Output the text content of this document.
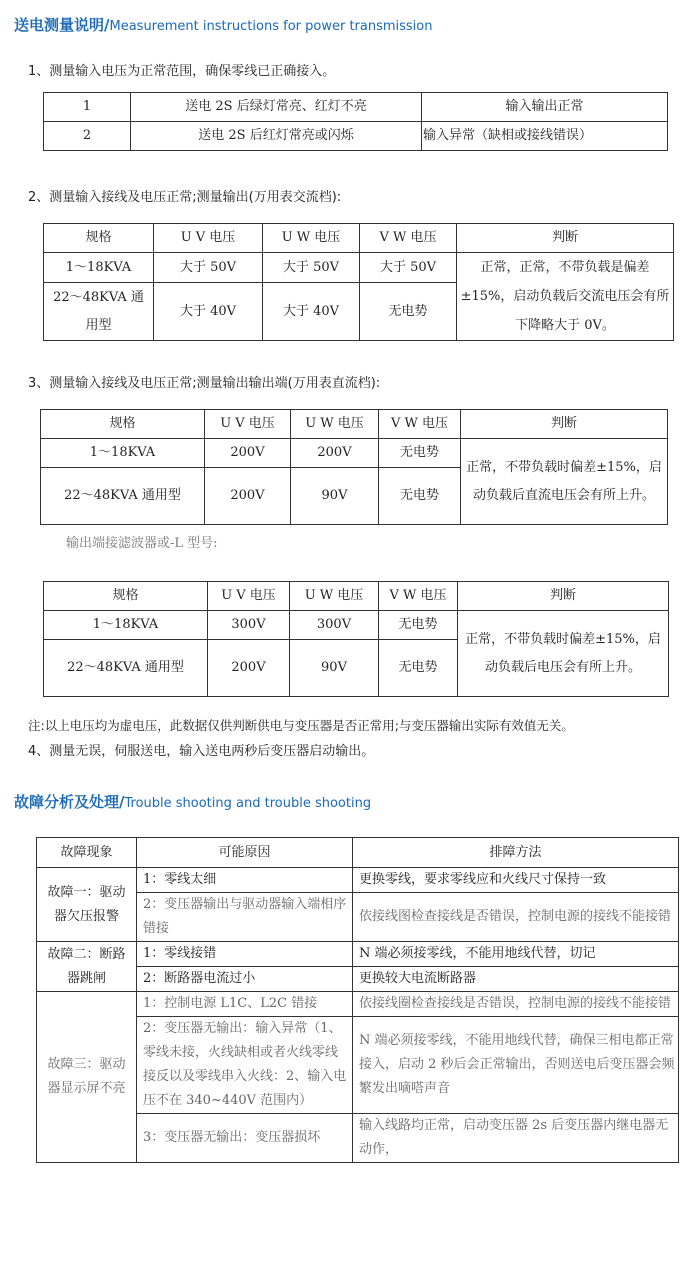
送电测量说明/Measurement instructions for power transmission
1、测量输入电压为正常范围，确保零线已正确接入。
1	送电 2S 后绿灯常亮、红灯不亮	输入输出正常
2	送电 2S 后红灯常亮或闪烁	输入异常（缺相或接线错误）
2、测量输入接线及电压正常;测量输出(万用表交流档):
规格	U V 电压	U W 电压	V W 电压	判断
1～18KVA	大于 50V	大于 50V	大于 50V	正常，正常，不带负载是偏差±15%，启动负载后交流电压会有所下降略大于 0V。
22～48KVA 通用型	大于 40V	大于 40V	无电势	
3、测量输入接线及电压正常;测量输出输出端(万用表直流档):
规格	U V 电压	U W 电压	V W 电压	判断
1～18KVA	200V	200V	无电势	正常，不带负载时偏差±15%，启动负载后直流电压会有所上升。
22～48KVA 通用型	200V	90V	无电势	
输出端接滤波器或-L 型号:
规格	U V 电压	U W 电压	V W 电压	判断
1～18KVA	300V	300V	无电势	正常，不带负载时偏差±15%，启动负载后电压会有所上升。
22～48KVA 通用型	200V	90V	无电势	
注:以上电压均为虚电压，此数据仅供判断供电与变压器是否正常用;与变压器输出实际有效值无关。
4、测量无误，伺服送电，输入送电两秒后变压器启动输出。
故障分析及处理/Trouble shooting and trouble shooting
故障现象	可能原因	排障方法
故障一：驱动器欠压报警	1：零线太细	更换零线，要求零线应和火线尺寸保持一致
	2：变压器输出与驱动器输入端相序错接	依接线图检查接线是否错误，控制电源的接线不能接错
故障二：断路器跳闸	1：零线接错	N 端必须接零线，不能用地线代替，切记
	2：断路器电流过小	更换较大电流断路器
故障三：驱动器显示屏不亮	1：控制电源 L1C、L2C 错接	依接线圈检查接线是否错误，控制电源的接线不能接错
	2：变压器无输出：输入异常（1、零线未接，火线缺相或者火线零线接反以及零线串入火线：2、输入电压不在 340~440V 范围内）	N 端必须接零线，不能用地线代替，确保三相电都正常接入，启动 2 秒后会正常输出，否则送电后变压器会频繁发出嘀嗒声音
	3：变压器无输出：变压器损坏	输入线路均正常，启动变压器 2s 后变压器内继电器无动作，
